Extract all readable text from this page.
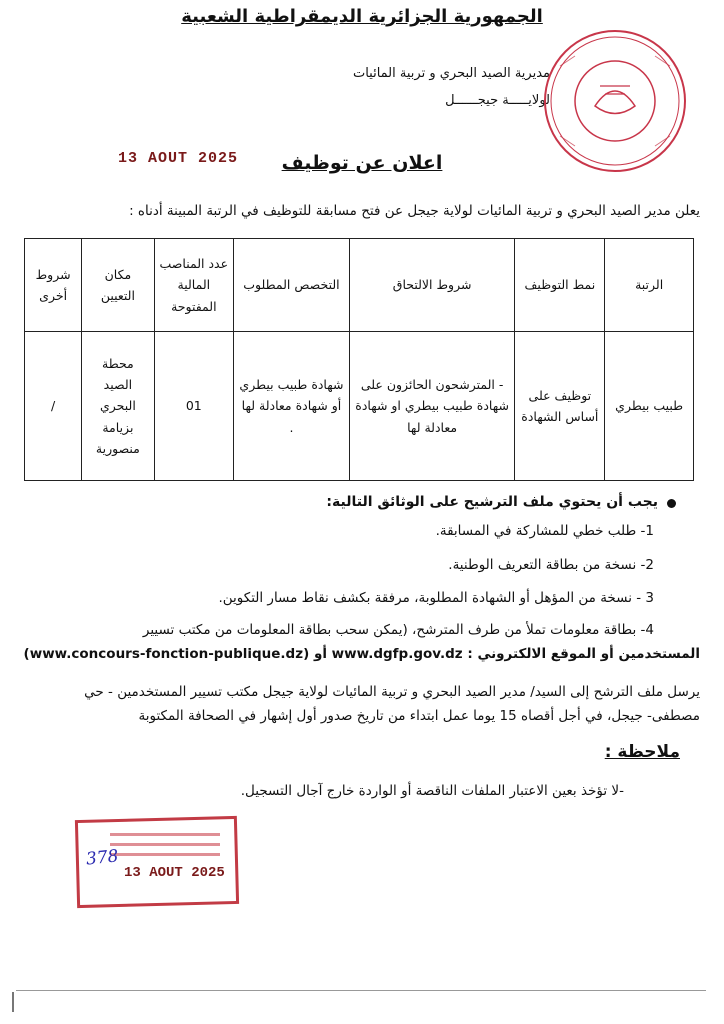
الجمهورية الجزائرية الديمقراطية الشعبية
مديرية الصيد البحري و تربية المائيات
لولايـــــة جيجــــــل
13 AOUT 2025	اعلان عن توظيف
يعلن مدير الصيد البحري و تربية المائيات لولاية جيجل عن فتح مسابقة للتوظيف في الرتبة المبينة أدناه :
الرتبة	نمط التوظيف	شروط الالتحاق	التخصص المطلوب	عدد المناصب المالية المفتوحة	مكان التعيين	شروط أخرى
طبيب بيطري	توظيف على أساس الشهادة	- المترشحون الحائزون على شهادة طبيب بيطري او شهادة معادلة لها	شهادة طبيب بيطري أو شهادة معادلة لها .	01	محطة الصيد البحري بزيامة منصورية	/
يجب أن يحتوي ملف الترشيح على الوثائق التالية:
1- طلب خطي للمشاركة في المسابقة.
2- نسخة من بطاقة التعريف الوطنية.
3 - نسخة من المؤهل أو الشهادة المطلوبة، مرفقة بكشف نقاط مسار التكوين.
4- بطاقة معلومات تملأ من طرف المترشح، (يمكن سحب بطاقة المعلومات من مكتب تسيير
المستخدمين أو الموقع الالكتروني : www.dgfp.gov.dz أو (www.concours-fonction-publique.dz)
يرسل ملف الترشح إلى السيد/ مدير الصيد البحري و تربية المائيات لولاية جيجل مكتب تسيير المستخدمين - حي
مصطفى- جيجل، في أجل أقصاه 15 يوما عمل ابتداء من تاريخ صدور أول إشهار في الصحافة المكتوبة
ملاحظة :
-لا تؤخذ بعين الاعتبار الملفات الناقصة أو الواردة خارج آجال التسجيل.
378
13 AOUT 2025
